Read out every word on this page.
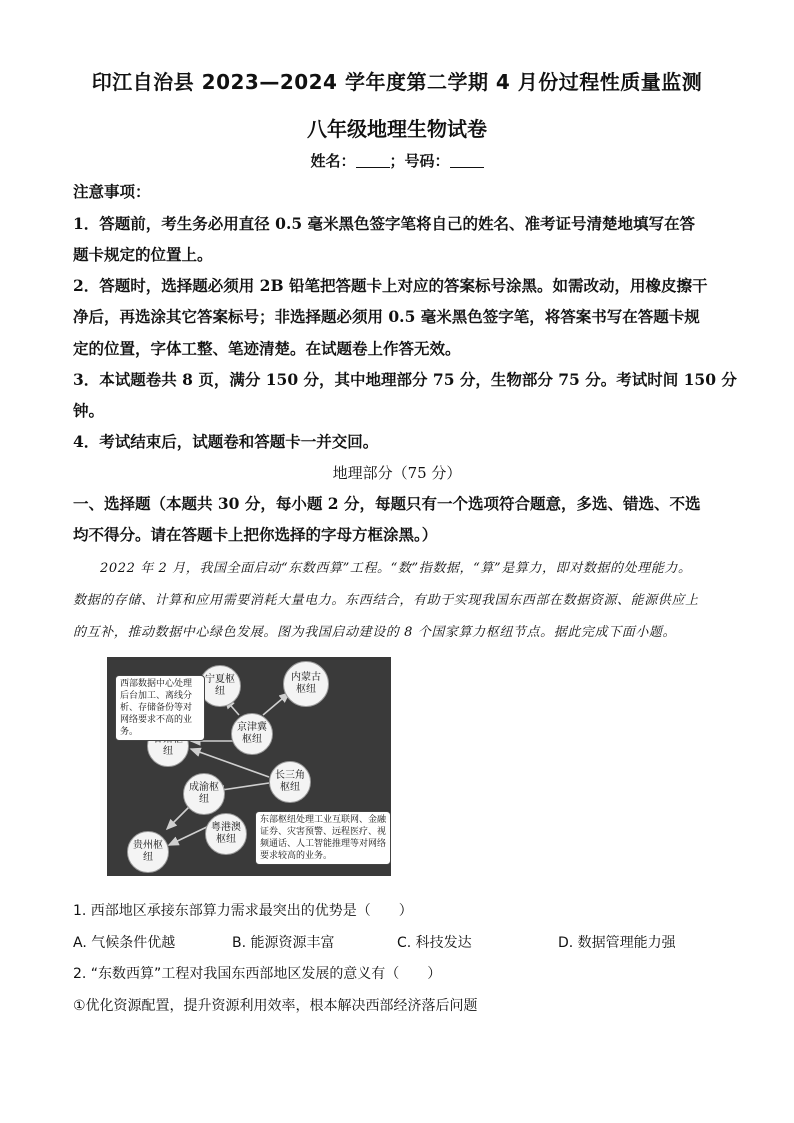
印江自治县 2023—2024 学年度第二学期 4 月份过程性质量监测
八年级地理生物试卷
姓名： ；号码：
注意事项：
1．答题前，考生务必用直径 0.5 毫米黑色签字笔将自己的姓名、准考证号清楚地填写在答
题卡规定的位置上。
2．答题时，选择题必须用 2B 铅笔把答题卡上对应的答案标号涂黑。如需改动，用橡皮擦干
净后，再选涂其它答案标号；非选择题必须用 0.5 毫米黑色签字笔，将答案书写在答题卡规
定的位置，字体工整、笔迹清楚。在试题卷上作答无效。
3．本试题卷共 8 页，满分 150 分，其中地理部分 75 分，生物部分 75 分。考试时间 150 分
钟。
4．考试结束后，试题卷和答题卡一并交回。
地理部分（75 分）
一、选择题（本题共 30 分，每小题 2 分，每题只有一个选项符合题意，多选、错选、不选
均不得分。请在答题卡上把你选择的字母方框涂黑。）
2022 年 2 月，我国全面启动“东数西算”工程。“数”指数据，“算”是算力，即对数据的处理能力。
数据的存储、计算和应用需要消耗大量电力。东西结合，有助于实现我国东西部在数据资源、能源供应上
的互补，推动数据中心绿色发展。图为我国启动建设的 8 个国家算力枢纽节点。据此完成下面小题。
宁夏枢纽
内蒙古枢纽
京津冀枢纽
纽
长三角枢纽
成渝枢纽
粤港澳枢纽
贵州枢纽
西部数据中心处理后台加工、离线分析、存储备份等对网络要求不高的业务。
东部枢纽处理工业互联网、金融证券、灾害预警、远程医疗、视频通话、人工智能推理等对网络要求较高的业务。
1. 西部地区承接东部算力需求最突出的优势是（　　）
A. 气候条件优越	B. 能源资源丰富	C. 科技发达	D. 数据管理能力强
2. “东数西算”工程对我国东西部地区发展的意义有（　　）
①优化资源配置，提升资源利用效率，根本解决西部经济落后问题
